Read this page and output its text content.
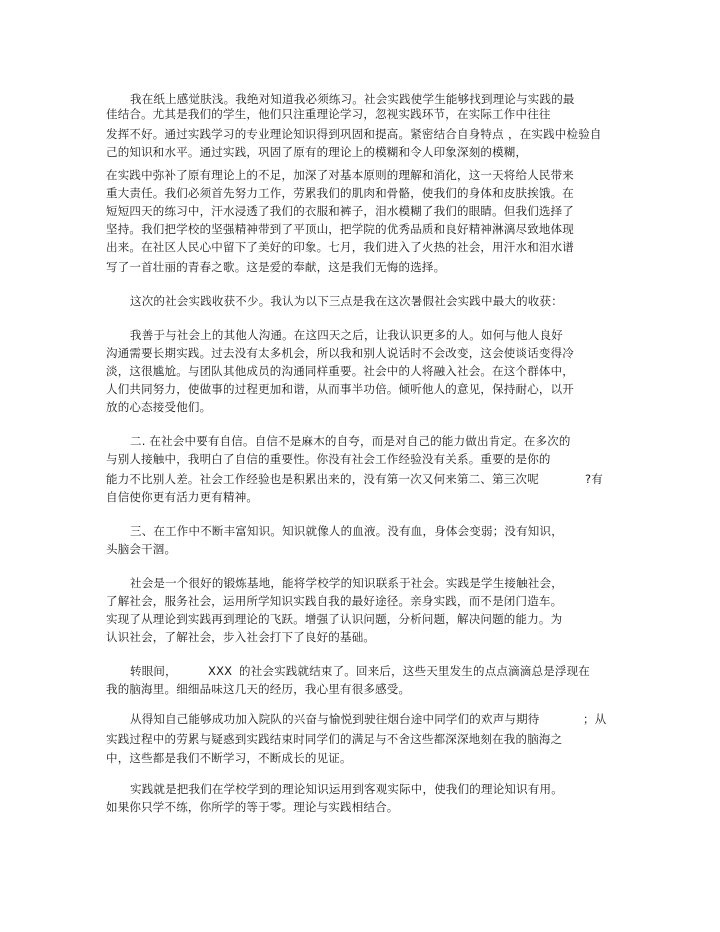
我在纸上感觉肤浅。我绝对知道我必须练习。社会实践使学生能够找到理论与实践的最
佳结合。尤其是我们的学生，他们只注重理论学习，忽视实践环节，在实际工作中往往
发挥不好。通过实践学习的专业理论知识得到巩固和提高。紧密结合自身特点 ，在实践中检验自
己的知识和水平。通过实践，巩固了原有的理论上的模糊和令人印象深刻的模糊，
在实践中弥补了原有理论上的不足，加深了对基本原则的理解和消化，这一天将给人民带来
重大责任。我们必须首先努力工作，劳累我们的肌肉和骨骼，使我们的身体和皮肤挨饿。在
短短四天的练习中，汗水浸透了我们的衣服和裤子，泪水模糊了我们的眼睛。但我们选择了
坚持。我们把学校的坚强精神带到了平顶山，把学院的优秀品质和良好精神淋漓尽致地体现
出来。在社区人民心中留下了美好的印象。七月，我们进入了火热的社会，用汗水和泪水谱
写了一首壮丽的青春之歌。这是爱的奉献，这是我们无悔的选择。
这次的社会实践收获不少。我认为以下三点是我在这次暑假社会实践中最大的收获：
我善于与社会上的其他人沟通。在这四天之后，让我认识更多的人。如何与他人良好
沟通需要长期实践。过去没有太多机会，所以我和别人说话时不会改变，这会使谈话变得冷
淡，这很尴尬。与团队其他成员的沟通同样重要。社会中的人将融入社会。在这个群体中，
人们共同努力，使做事的过程更加和谐，从而事半功倍。倾听他人的意见，保持耐心，以开
放的心态接受他们。
二. 在社会中要有自信。自信不是麻木的自夸，而是对自己的能力做出肯定。在多次的
与别人接触中，我明白了自信的重要性。你没有社会工作经验没有关系。重要的是你的
能力不比别人差。社会工作经验也是积累出来的，没有第一次又何来第二、第三次呢	?有
自信使你更有活力更有精神。
三、在工作中不断丰富知识。知识就像人的血液。没有血，身体会变弱；没有知识，
头脑会干涸。
社会是一个很好的锻炼基地，能将学校学的知识联系于社会。实践是学生接触社会，
了解社会，服务社会，运用所学知识实践自我的最好途径。亲身实践，而不是闭门造车。
实现了从理论到实践再到理论的飞跃。增强了认识问题，分析问题，解决问题的能力。为
认识社会，了解社会，步入社会打下了良好的基础。
转眼间，	XXX 的社会实践就结束了。回来后，这些天里发生的点点滴滴总是浮现在
我的脑海里。细细品味这几天的经历，我心里有很多感受。
从得知自己能够成功加入院队的兴奋与愉悦到驶往烟台途中同学们的欢声与期待	；从
实践过程中的劳累与疑惑到实践结束时同学们的满足与不舍这些都深深地刻在我的脑海之
中，这些都是我们不断学习，不断成长的见证。
实践就是把我们在学校学到的理论知识运用到客观实际中，使我们的理论知识有用。
如果你只学不练，你所学的等于零。理论与实践相结合。
